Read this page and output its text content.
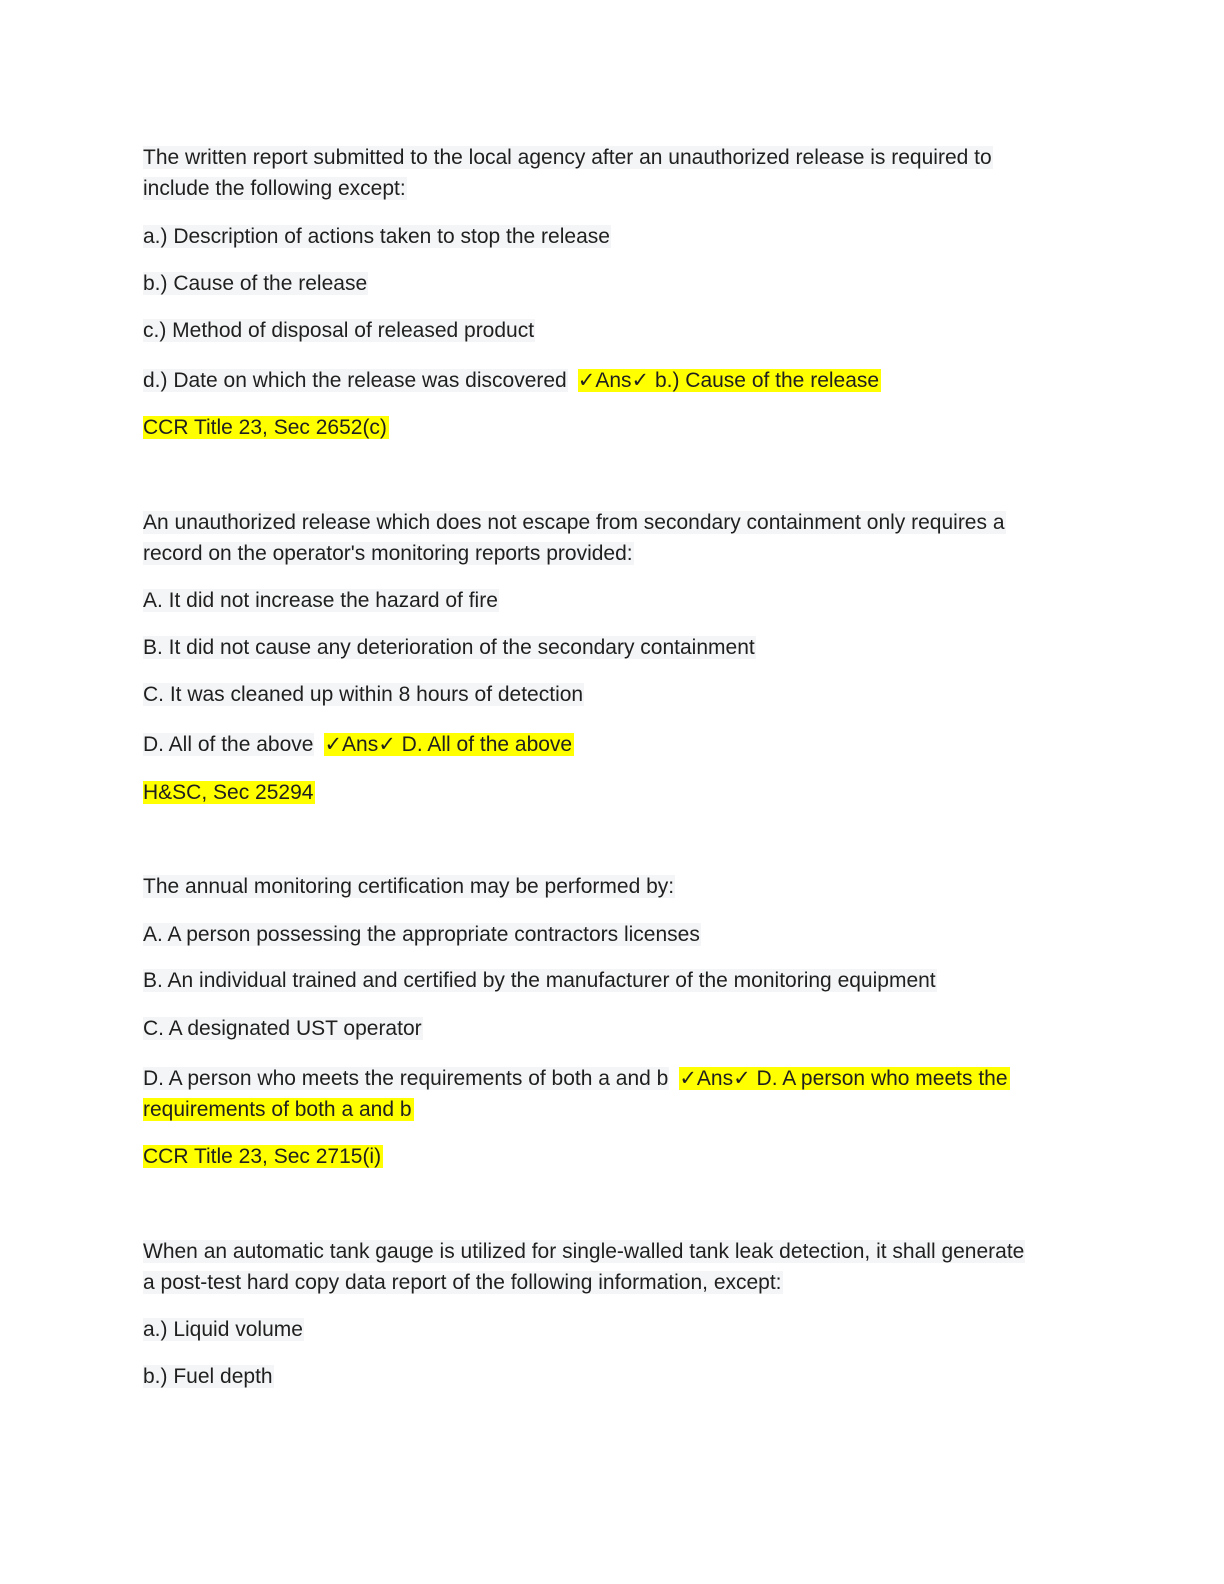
The written report submitted to the local agency after an unauthorized release is required to
include the following except:
a.) Description of actions taken to stop the release
b.) Cause of the release
c.) Method of disposal of released product
d.) Date on which the release was discovered ✓Ans✓ b.) Cause of the release
CCR Title 23, Sec 2652(c)
An unauthorized release which does not escape from secondary containment only requires a
record on the operator's monitoring reports provided:
A. It did not increase the hazard of fire
B. It did not cause any deterioration of the secondary containment
C. It was cleaned up within 8 hours of detection
D. All of the above ✓Ans✓ D. All of the above
H&SC, Sec 25294
The annual monitoring certification may be performed by:
A. A person possessing the appropriate contractors licenses
B. An individual trained and certified by the manufacturer of the monitoring equipment
C. A designated UST operator
D. A person who meets the requirements of both a and b ✓Ans✓ D. A person who meets the
requirements of both a and b
CCR Title 23, Sec 2715(i)
When an automatic tank gauge is utilized for single-walled tank leak detection, it shall generate
a post-test hard copy data report of the following information, except:
a.) Liquid volume
b.) Fuel depth
